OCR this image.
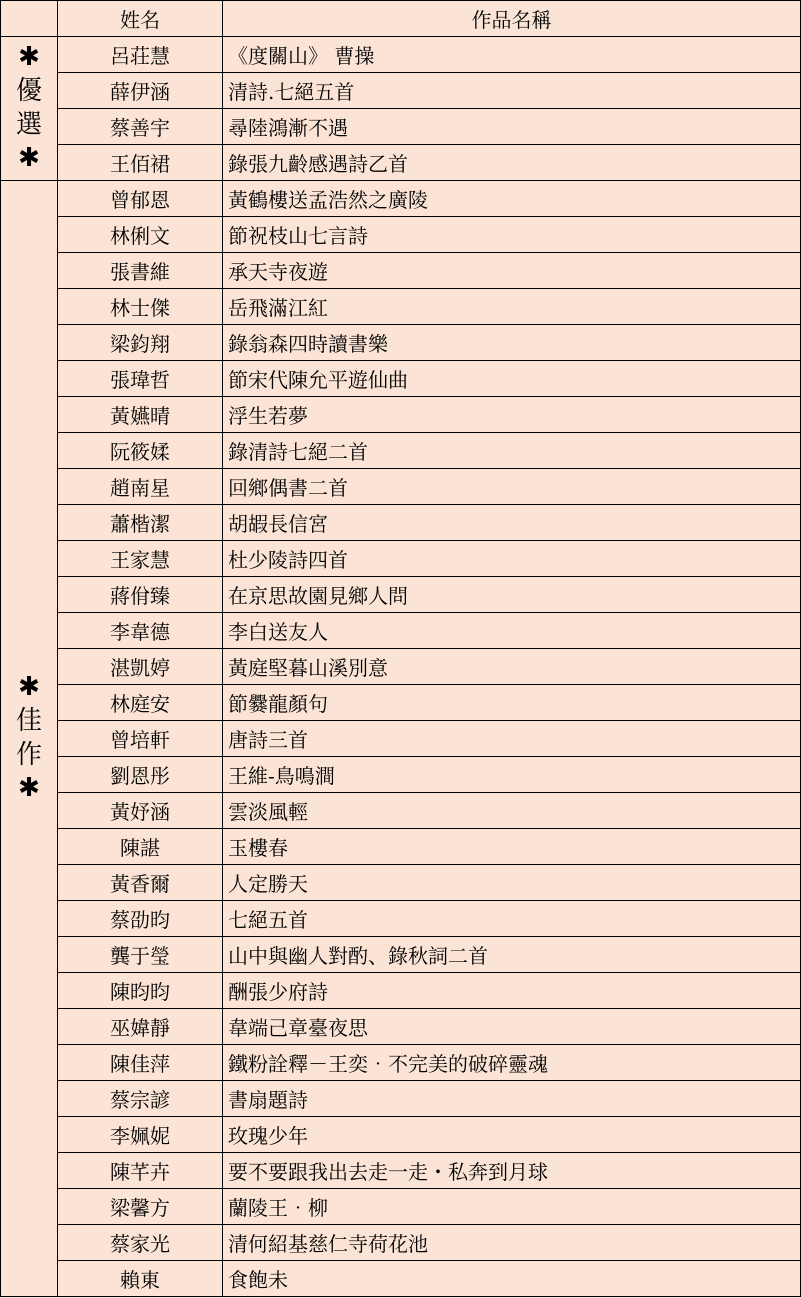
	姓名	作品名稱

✱
優
選
✱	呂荘慧	《度關山》 曹操
	薛伊涵	清詩.七絕五首
	蔡善宇	尋陸鴻漸不遇
	王佰裙	錄張九齡感遇詩乙首

✱
佳
作
✱	曾郁恩	黃鶴樓送孟浩然之廣陵
	林俐文	節祝枝山七言詩
	張書維	承天寺夜遊
	林士傑	岳飛滿江紅
	梁鈞翔	錄翁森四時讀書樂
	張瑋哲	節宋代陳允平遊仙曲
	黃嬿晴	浮生若夢
	阮筱媃	錄清詩七絕二首
	趙南星	回鄉偶書二首
	蕭楷潔	胡嘏長信宮
	王家慧	杜少陵詩四首
	蔣佾臻	在京思故園見鄉人問
	李韋德	李白送友人
	湛凱婷	黃庭堅暮山溪別意
	林庭安	節爨龍顏句
	曾培軒	唐詩三首
	劉恩彤	王維-鳥鳴澗
	黃妤涵	雲淡風輕
	陳諶	玉樓春
	黃香爾	人定勝天
	蔡劭昀	七絕五首
	龔于瑩	山中與幽人對酌、錄秋詞二首
	陳昀昀	酬張少府詩
	巫媁靜	韋端己章臺夜思
	陳佳萍	鐵粉詮釋－王奕‧不完美的破碎靈魂
	蔡宗諺	書扇題詩
	李姵妮	玫瑰少年
	陳芊卉	要不要跟我出去走一走・私奔到月球
	梁馨方	蘭陵王‧柳
	蔡家光	清何紹基慈仁寺荷花池
	賴東	食飽未
